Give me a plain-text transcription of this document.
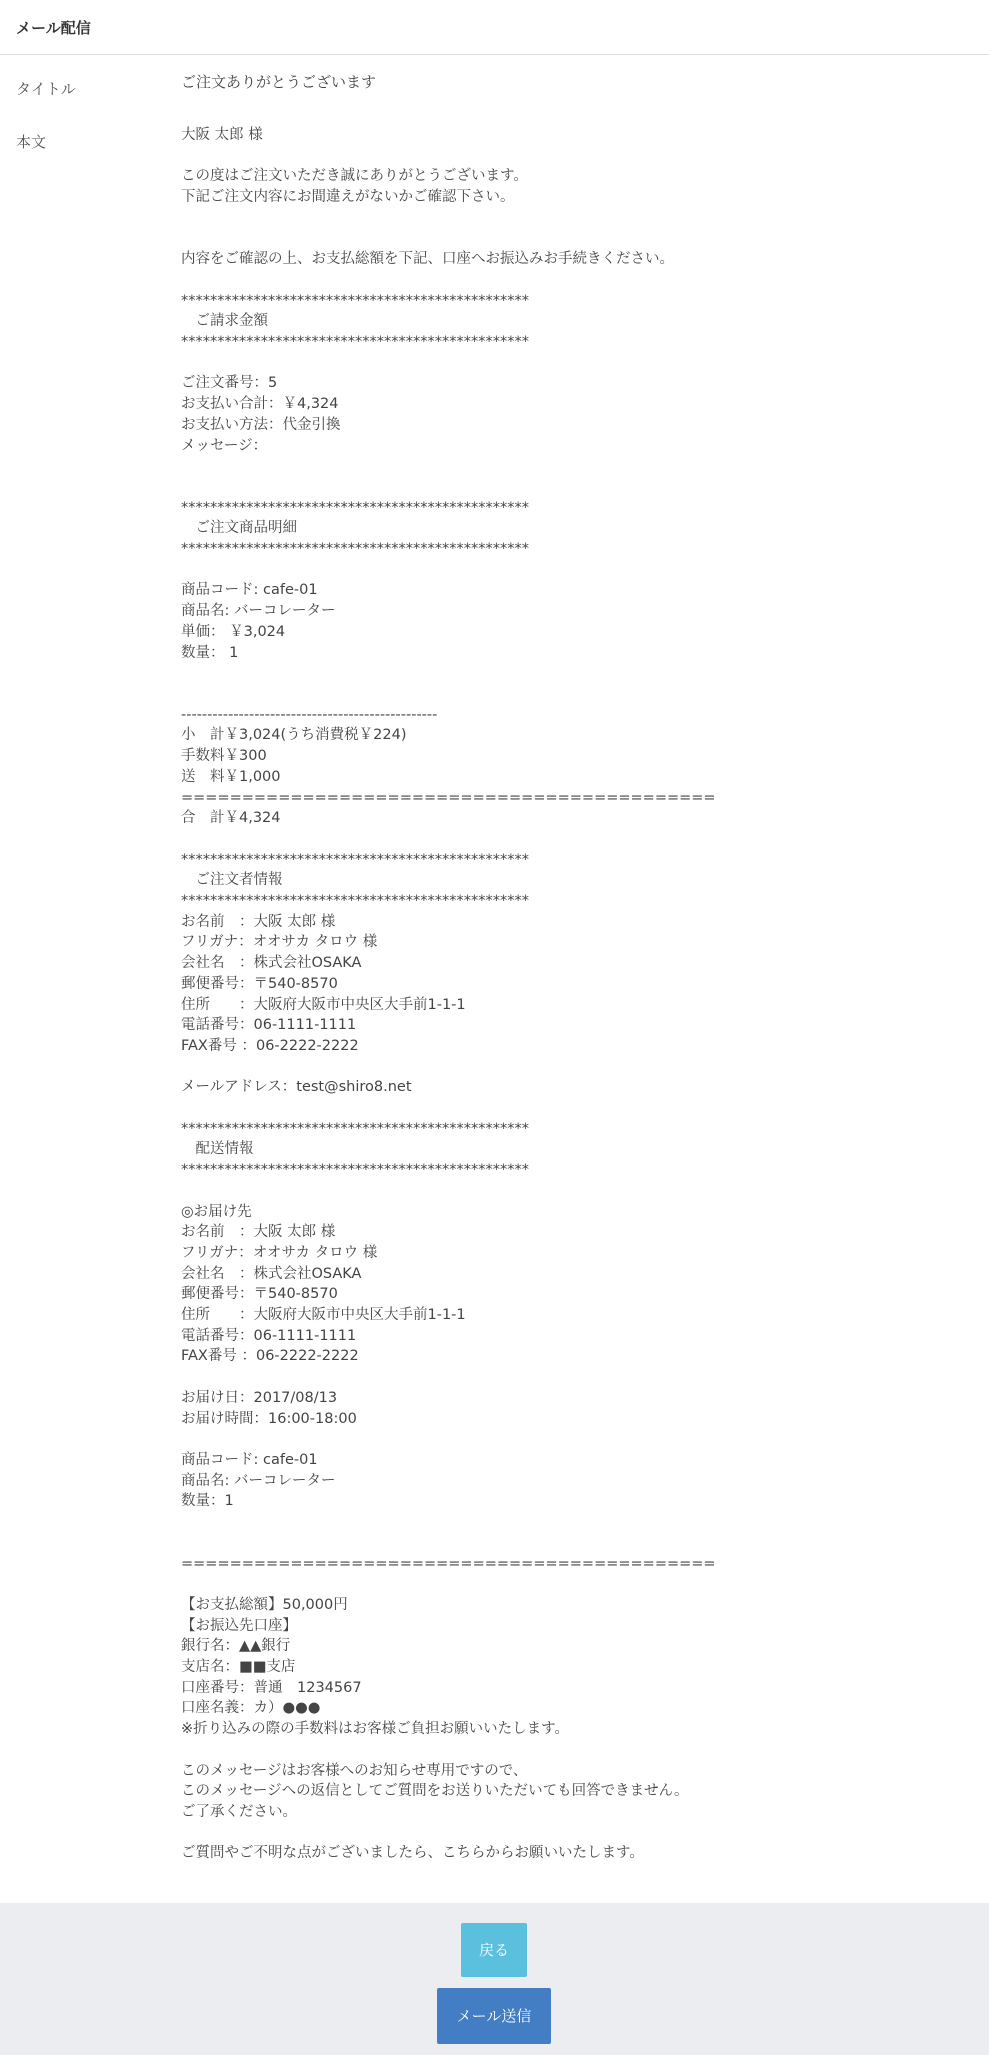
メール配信
タイトル	ご注文ありがとうございます
本文	大阪 太郎 様

この度はご注文いただき誠にありがとうございます。
下記ご注文内容にお間違えがないかご確認下さい。

内容をご確認の上、お支払総額を下記、口座へお振込みお手続きください。

************************************************
　ご請求金額
************************************************

ご注文番号：5
お支払い合計：￥4,324
お支払い方法：代金引換
メッセージ：

************************************************
　ご注文商品明細
************************************************

商品コード: cafe-01
商品名: バーコレーター
単価： ￥3,024
数量： 1

-------------------------------------------------
小　計￥3,024(うち消費税￥224)
手数料￥300
送　料￥1,000
============================================
合　計￥4,324

************************************************
　ご注文者情報
************************************************
お名前　：大阪 太郎 様
フリガナ：オオサカ タロウ 様
会社名　：株式会社OSAKA
郵便番号：〒540-8570
住所　　：大阪府大阪市中央区大手前1-1-1
電話番号：06-1111-1111
FAX番号 ：06-2222-2222

メールアドレス：test@shiro8.net

************************************************
　配送情報
************************************************

◎お届け先
お名前　：大阪 太郎 様
フリガナ：オオサカ タロウ 様
会社名　：株式会社OSAKA
郵便番号：〒540-8570
住所　　：大阪府大阪市中央区大手前1-1-1
電話番号：06-1111-1111
FAX番号 ：06-2222-2222

お届け日：2017/08/13
お届け時間：16:00-18:00

商品コード: cafe-01
商品名: バーコレーター
数量：1

============================================

【お支払総額】50,000円
【お振込先口座】
銀行名：▲▲銀行
支店名：■■支店
口座番号：普通　1234567
口座名義：カ）●●●
※折り込みの際の手数料はお客様ご負担お願いいたします。

このメッセージはお客様へのお知らせ専用ですので、
このメッセージへの返信としてご質問をお送りいただいても回答できません。
ご了承ください。

ご質問やご不明な点がございましたら、こちらからお願いいたします。
戻る
メール送信
